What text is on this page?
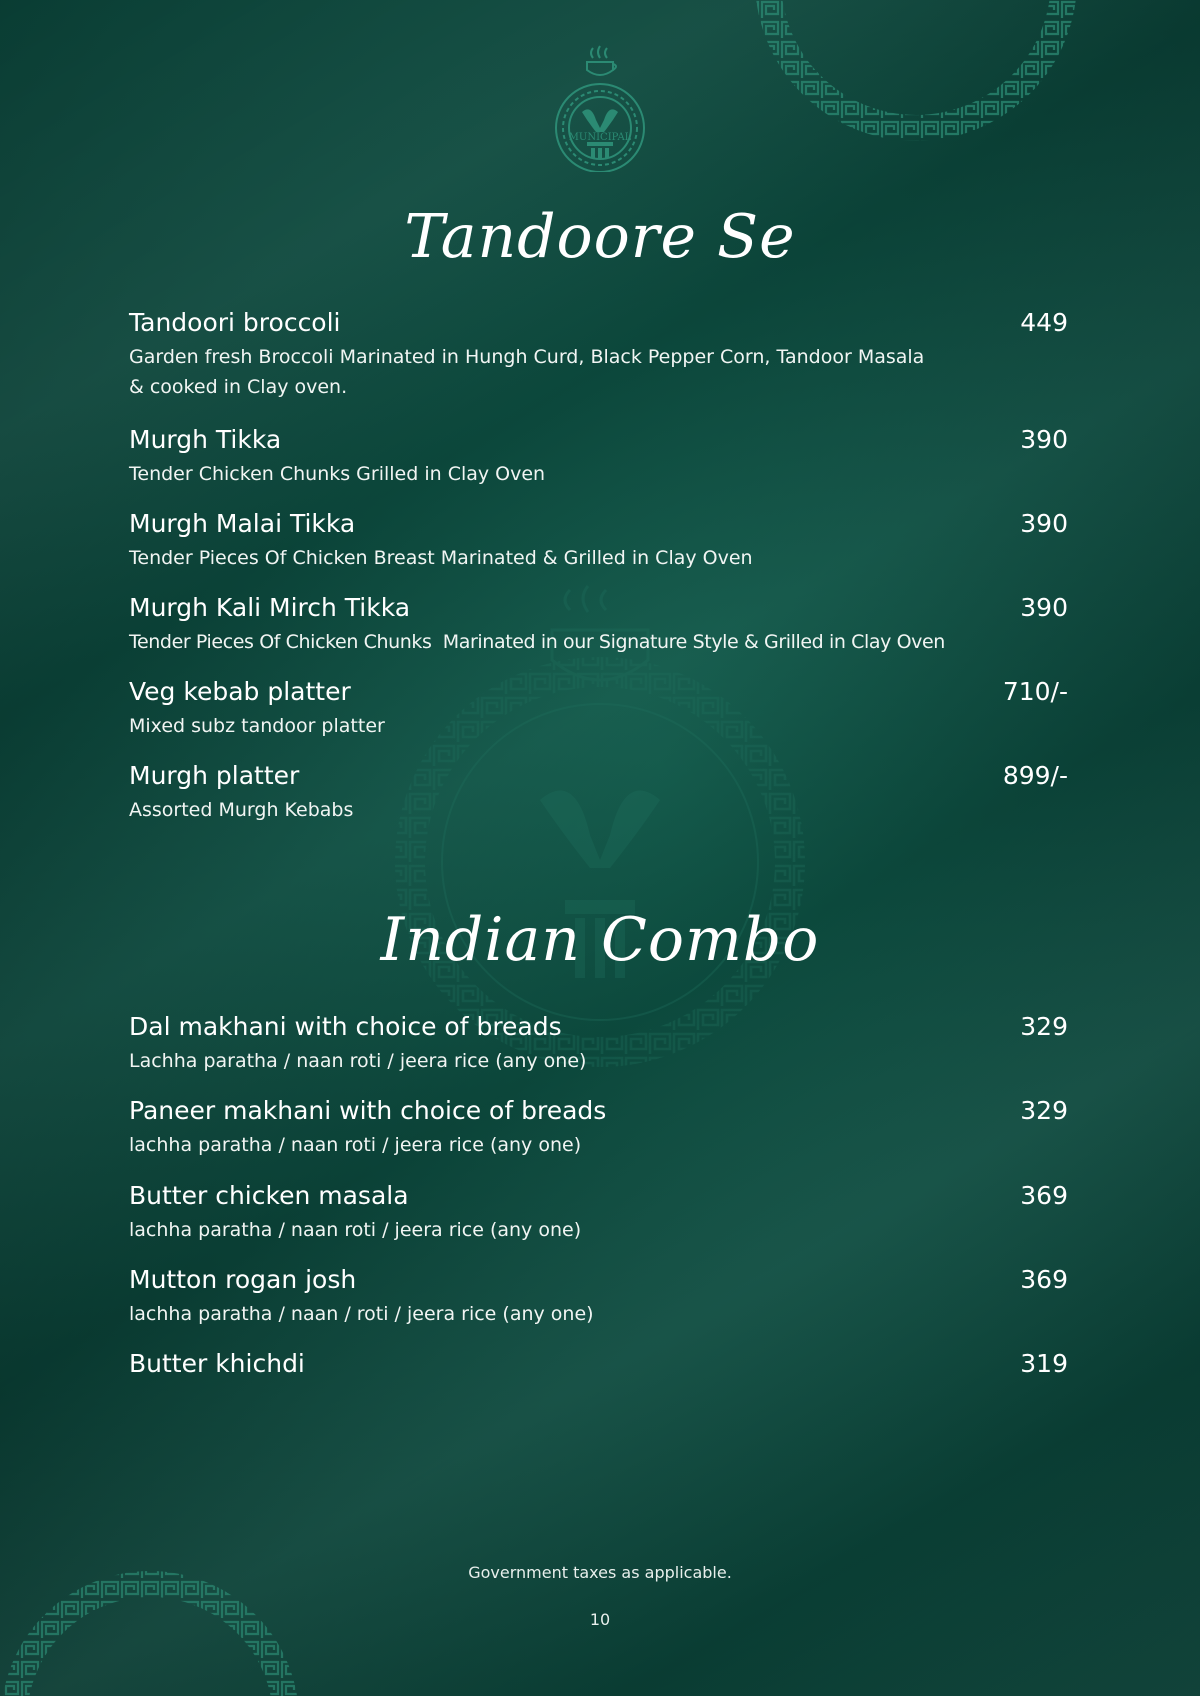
MUNICIPAL
Tandoore Se
Tandoori broccoli	449
Garden fresh Broccoli Marinated in Hungh Curd, Black Pepper Corn, Tandoor Masala & cooked in Clay oven.
Murgh Tikka	390
Tender Chicken Chunks Grilled in Clay Oven
Murgh Malai Tikka	390
Tender Pieces Of Chicken Breast Marinated & Grilled in Clay Oven
Murgh Kali Mirch Tikka	390
Tender Pieces Of Chicken Chunks  Marinated in our Signature Style & Grilled in Clay Oven
Veg kebab platter	710/-
Mixed subz tandoor platter
Murgh platter	899/-
Assorted Murgh Kebabs
Indian Combo
Dal makhani with choice of breads	329
Lachha paratha / naan roti / jeera rice (any one)
Paneer makhani with choice of breads	329
lachha paratha / naan roti / jeera rice (any one)
Butter chicken masala	369
lachha paratha / naan roti / jeera rice (any one)
Mutton rogan josh	369
lachha paratha / naan / roti / jeera rice (any one)
Butter khichdi	319
Government taxes as applicable.
10
